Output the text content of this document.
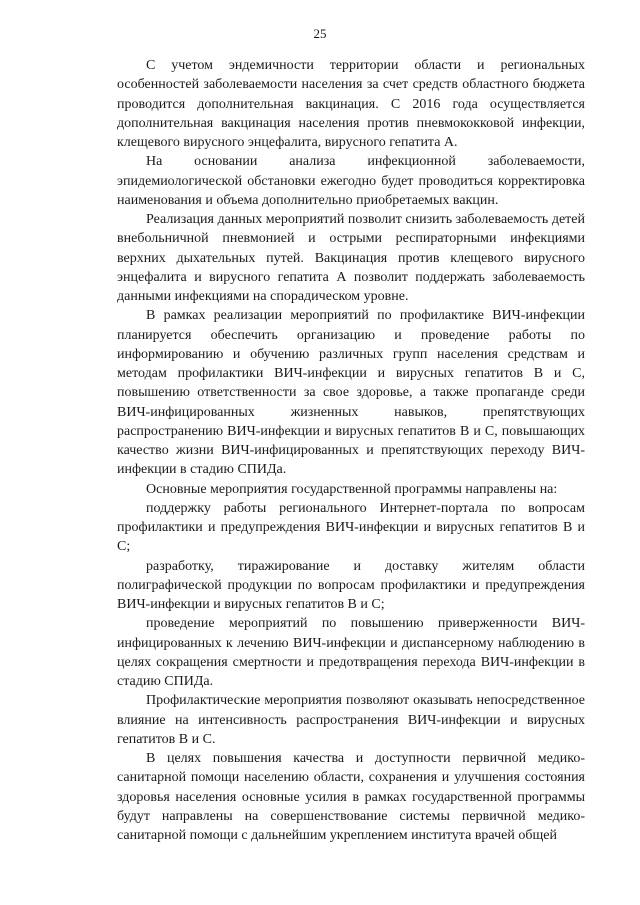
25

С учетом эндемичности территории области и региональных особенностей заболеваемости населения за счет средств областного бюджета проводится дополнительная вакцинация. С 2016 года осуществляется дополнительная вакцинация населения против пневмококковой инфекции, клещевого вирусного энцефалита, вирусного гепатита А.

На основании анализа инфекционной заболеваемости, эпидемиологической обстановки ежегодно будет проводиться корректировка наименования и объема дополнительно приобретаемых вакцин.

Реализация данных мероприятий позволит снизить заболеваемость детей внебольничной пневмонией и острыми респираторными инфекциями верхних дыхательных путей. Вакцинация против клещевого вирусного энцефалита и вирусного гепатита А позволит поддержать заболеваемость данными инфекциями на спорадическом уровне.

В рамках реализации мероприятий по профилактике ВИЧ-инфекции планируется обеспечить организацию и проведение работы по информированию и обучению различных групп населения средствам и методам профилактики ВИЧ-инфекции и вирусных гепатитов В и С, повышению ответственности за свое здоровье, а также пропаганде среди ВИЧ-инфицированных жизненных навыков, препятствующих распространению ВИЧ-инфекции и вирусных гепатитов В и С, повышающих качество жизни ВИЧ-инфицированных и препятствующих переходу ВИЧ-инфекции в стадию СПИДа.

Основные мероприятия государственной программы направлены на:

поддержку работы регионального Интернет-портала по вопросам профилактики и предупреждения ВИЧ-инфекции и вирусных гепатитов В и С;

разработку, тиражирование и доставку жителям области полиграфической продукции по вопросам профилактики и предупреждения ВИЧ-инфекции и вирусных гепатитов В и С;

проведение мероприятий по повышению приверженности ВИЧ-инфицированных к лечению ВИЧ-инфекции и диспансерному наблюдению в целях сокращения смертности и предотвращения перехода ВИЧ-инфекции в стадию СПИДа.

Профилактические мероприятия позволяют оказывать непосредственное влияние на интенсивность распространения ВИЧ-инфекции и вирусных гепатитов В и С.

В целях повышения качества и доступности первичной медико-санитарной помощи населению области, сохранения и улучшения состояния здоровья населения основные усилия в рамках государственной программы будут направлены на совершенствование системы первичной медико-санитарной помощи с дальнейшим укреплением института врачей общей
